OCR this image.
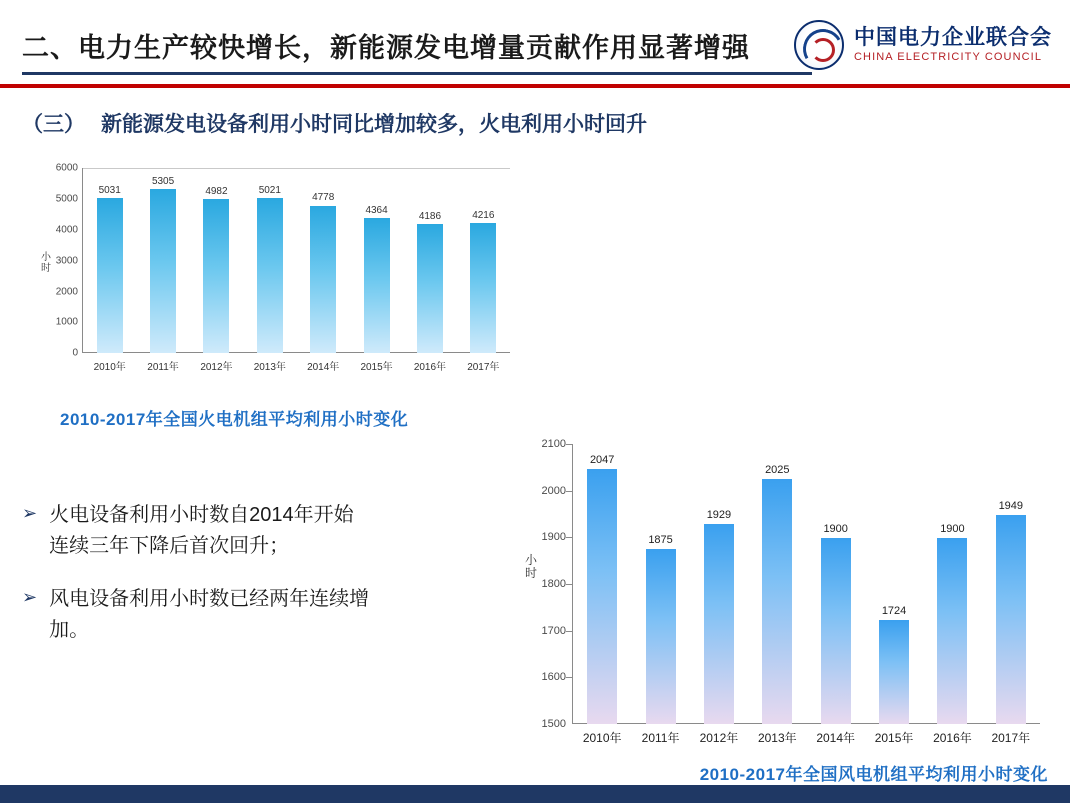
二、电力生产较快增长，新能源发电增量贡献作用显著增强	中国电力企业联合会
CHINA ELECTRICITY COUNCIL
（三） 新能源发电设备利用小时同比增加较多，火电利用小时回升
小
时
6000
5000
4000
3000
2000
1000
0
5031
5305
4982	5021
4778
4364
4186	4216
2010年	2011年	2012年	2013年	2014年	2015年	2016年	2017年
2010-2017年全国火电机组平均利用小时变化
➢ 火电设备利用小时数自2014年开始
连续三年下降后首次回升；
➢ 风电设备利用小时数已经两年连续增
加。
小
时
2100
2000
1900
1800
1700
1600
1500
2047
1875
1929
2025
1900
1724
1900
1949
2010年	2011年	2012年	2013年	2014年	2015年	2016年	2017年
2010-2017年全国风电机组平均利用小时变化
